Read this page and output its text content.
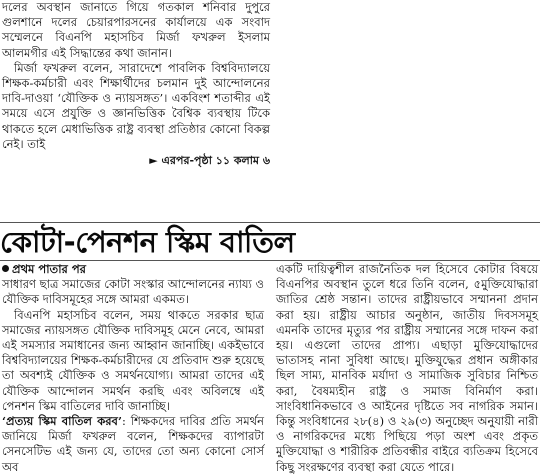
দলের অবস্থান জানাতে গিয়ে গতকাল শনিবার দুপুরে গুলশানে দলের চেয়ারপারসনের কার্যালয়ে এক সংবাদ সম্মেলনে বিএনপি মহাসচিব মির্জা ফখরুল ইসলাম আলমগীর এই সিদ্ধান্তের কথা জানান।

মির্জা ফখরুল বলেন, সারাদেশে পাবলিক বিশ্ববিদ্যালয়ে শিক্ষক-কর্মচারী এবং শিক্ষার্থীদের চলমান দুই আন্দোলনের দাবি-দাওয়া ‘যৌক্তিক ও ন্যায়সঙ্গত’। একবিংশ শতাব্দীর এই সময়ে এসে প্রযুক্তি ও জ্ঞানভিত্তিক বৈশ্বিক ব্যবস্থায় টিকে থাকতে হলে মেধাভিত্তিক রাষ্ট্র ব্যবস্থা প্রতিষ্ঠার কোনো বিকল্প নেই। তাই

► এরপর-পৃষ্ঠা ১১ কলাম ৬

কোটা-পেনশন স্কিম বাতিল

প্রথম পাতার পর

সাধারণ ছাত্র সমাজের কোটা সংস্কার আন্দোলনের ন্যায্য ও যৌক্তিক দাবিসমূহের সঙ্গে আমরা একমত।

বিএনপি মহাসচিব বলেন, সময় থাকতে সরকার ছাত্র সমাজের ন্যায়সঙ্গত যৌক্তিক দাবিসমূহ মেনে নেবে, আমরা এই সমস্যার সমাধানের জন্য আহ্বান জানাচ্ছি। একইভাবে বিশ্ববিদ্যালয়ের শিক্ষক-কর্মচারীদের যে প্রতিবাদ শুরু হয়েছে তা অবশ্যই যৌক্তিক ও সমর্থনযোগ্য। আমরা তাদের এই যৌক্তিক আন্দোলন সমর্থন করছি এবং অবিলম্বে এই পেনশন স্কিম বাতিলের দাবি জানাচ্ছি।

‘প্রত্যয় স্কিম বাতিল করব’: শিক্ষকদের দাবির প্রতি সমর্থন জানিয়ে মির্জা ফখরুল বলেন, শিক্ষকদের ব্যাপারটা সেনসেটিভ এই জন্য যে, তাদের তো অন্য কোনো সোর্স অব

একটি দায়িত্বশীল রাজনৈতিক দল হিসেবে কোটার বিষয়ে বিএনপির অবস্থান তুলে ধরে তিনি বলেন, ৫মুক্তিযোদ্ধারা জাতির শ্রেষ্ঠ সন্তান। তাদের রাষ্ট্রীয়ভাবে সম্মাননা প্রদান করা হয়। রাষ্ট্রীয় আচার অনুষ্ঠান, জাতীয় দিবসসমূহ এমনকি তাদের মৃত্যুর পর রাষ্ট্রীয় সম্মানের সঙ্গে দাফন করা হয়। এগুলো তাদের প্রাপ্য। এছাড়া মুক্তিযোদ্ধাদের ভাতাসহ নানা সুবিধা আছে। মুক্তিযুদ্ধের প্রধান অঙ্গীকার ছিল সাম্য, মানবিক মর্যাদা ও সামাজিক সুবিচার নিশ্চিত করা, বৈষম্যহীন রাষ্ট্র ও সমাজ বিনির্মাণ করা। সাংবিধানিকভাবে ও আইনের দৃষ্টিতে সব নাগরিক সমান। কিন্তু সংবিধানের ২৮(৪) ও ২৯(৩) অনুচ্ছেদ অনুযায়ী নারী ও নাগরিকদের মধ্যে পিছিয়ে পড়া অংশ এবং প্রকৃত মুক্তিযোদ্ধা ও শারীরিক প্রতিবন্ধীর বাইরে ব্যতিক্রম হিসেবে কিছু সংরক্ষণের ব্যবস্থা করা যেতে পারে।
